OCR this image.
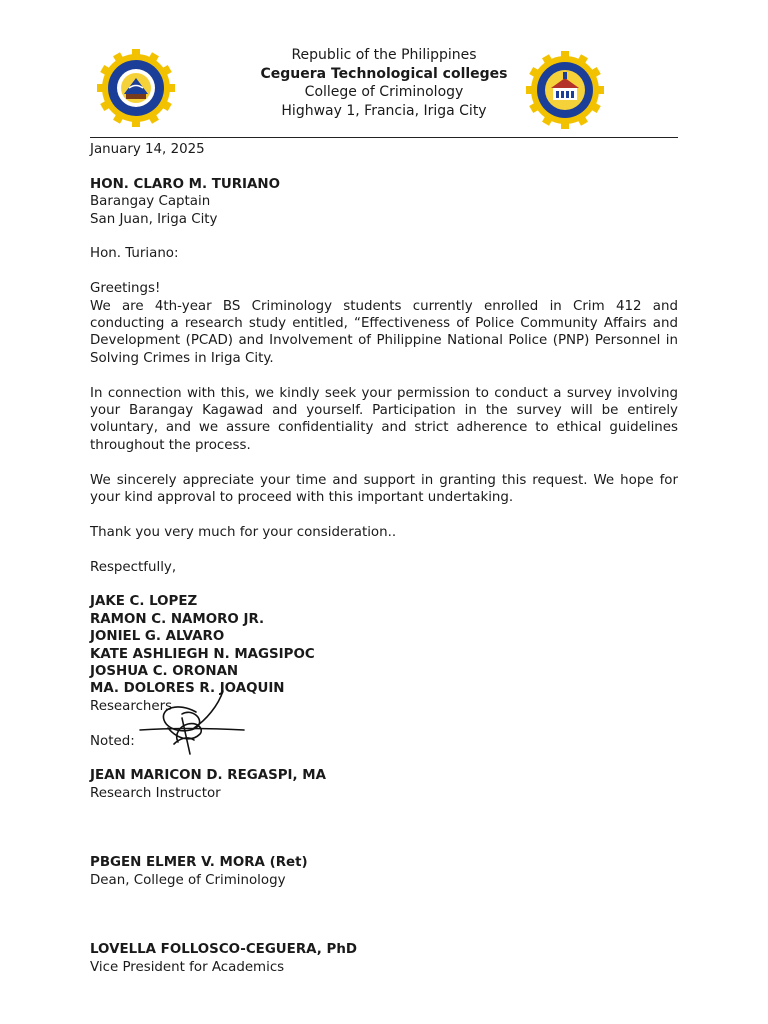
Republic of the Philippines
Ceguera Technological colleges
College of Criminology
Highway 1, Francia, Iriga City

January 14, 2025

HON. CLARO M. TURIANO

Barangay Captain

San Juan, Iriga City

Hon. Turiano:

Greetings!

We are 4th-year BS Criminology students currently enrolled in Crim 412 and conducting a research study entitled, “Effectiveness of Police Community Affairs and Development (PCAD) and Involvement of Philippine National Police (PNP) Personnel in Solving Crimes in Iriga City.

In connection with this, we kindly seek your permission to conduct a survey involving your Barangay Kagawad and yourself. Participation in the survey will be entirely voluntary, and we assure confidentiality and strict adherence to ethical guidelines throughout the process.

We sincerely appreciate your time and support in granting this request. We hope for your kind approval to proceed with this important undertaking.

Thank you very much for your consideration..

Respectfully,

JAKE C. LOPEZ

RAMON C. NAMORO JR.

JONIEL G. ALVARO

KATE ASHLIEGH N. MAGSIPOC

JOSHUA C. ORONAN

MA. DOLORES R. JOAQUIN

Researchers

Noted:

JEAN MARICON D. REGASPI, MA

Research Instructor

PBGEN ELMER V. MORA (Ret)

Dean, College of Criminology

LOVELLA FOLLOSCO-CEGUERA, PhD

Vice President for Academics
